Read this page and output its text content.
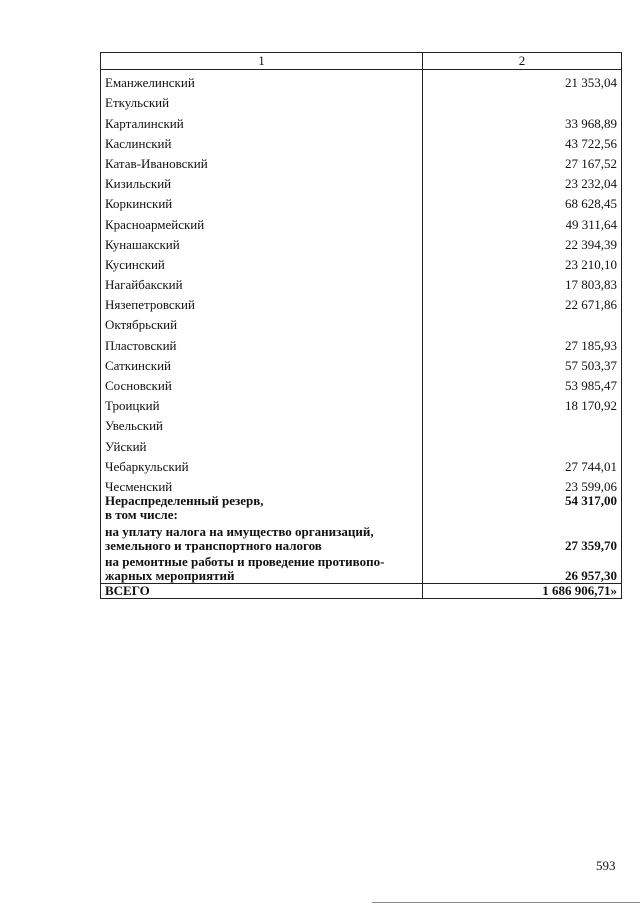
1	2
Еманжелинский	21 353,04
Еткульский	
Карталинский	33 968,89
Каслинский	43 722,56
Катав-Ивановский	27 167,52
Кизильский	23 232,04
Коркинский	68 628,45
Красноармейский	49 311,64
Кунашакский	22 394,39
Кусинский	23 210,10
Нагайбакский	17 803,83
Нязепетровский	22 671,86
Октябрьский	
Пластовский	27 185,93
Саткинский	57 503,37
Сосновский	53 985,47
Троицкий	18 170,92
Увельский	
Уйский	
Чебаркульский	27 744,01
Чесменский	23 599,06

Нераспределенный резерв,
в том числе:	54 317,00

на уплату налога на имущество организаций,
земельного и транспортного налогов	27 359,70

на ремонтные работы и проведение противопо-
жарных мероприятий	26 957,30

ВСЕГО	1 686 906,71»
593
